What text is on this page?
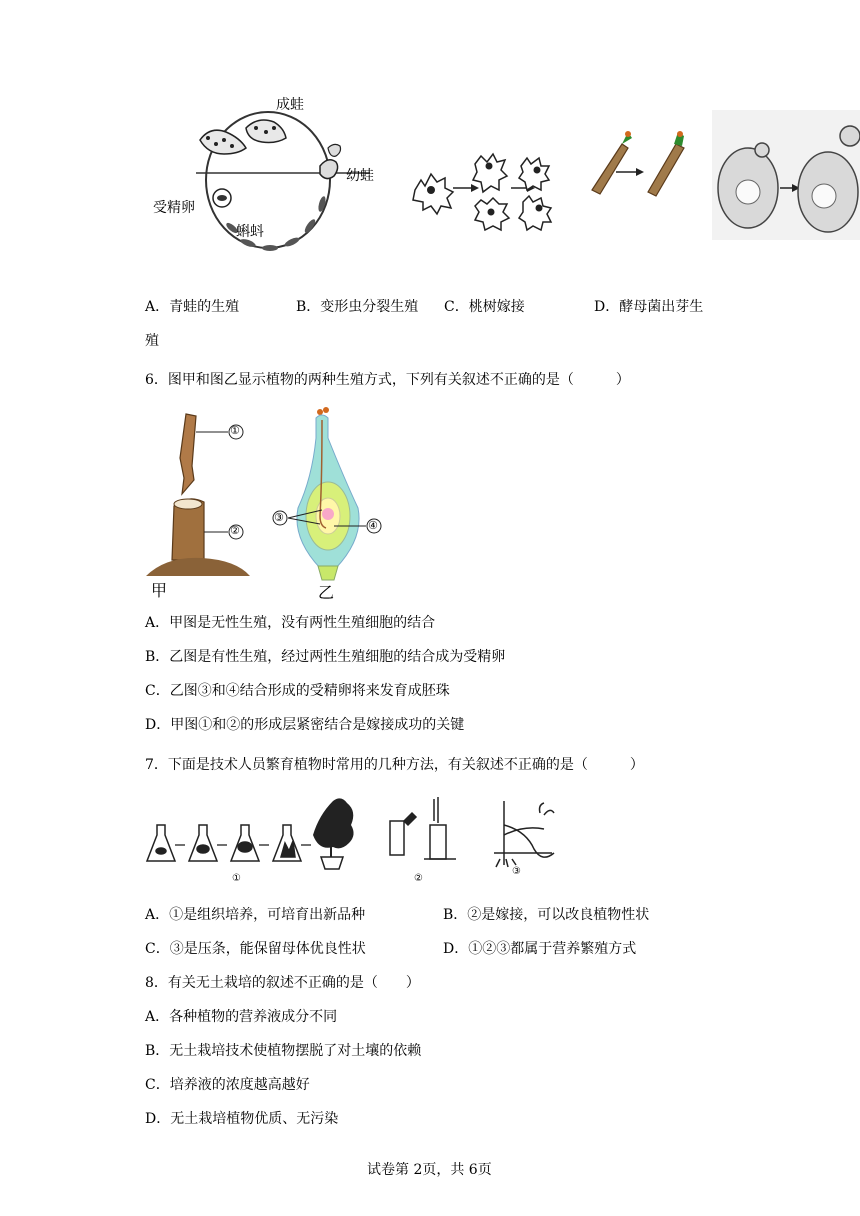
成蛙
幼蛙
受精卵
蝌蚪
A．青蛙的生殖	B．变形虫分裂生殖 C．桃树嫁接	D．酵母菌出芽生
殖
6．图甲和图乙显示植物的两种生殖方式，下列有关叙述不正确的是（　　　）
①
②
甲
③
④
乙
A．甲图是无性生殖，没有两性生殖细胞的结合
B．乙图是有性生殖，经过两性生殖细胞的结合成为受精卵
C．乙图③和④结合形成的受精卵将来发育成胚珠
D．甲图①和②的形成层紧密结合是嫁接成功的关键
7．下面是技术人员繁育植物时常用的几种方法，有关叙述不正确的是（　　　）
①	②
③
A．①是组织培养，可培育出新品种	B．②是嫁接，可以改良植物性状
C．③是压条，能保留母体优良性状	D．①②③都属于营养繁殖方式
8．有关无土栽培的叙述不正确的是（　　）
A．各种植物的营养液成分不同
B．无土栽培技术使植物摆脱了对土壤的依赖
C．培养液的浓度越高越好
D．无土栽培植物优质、无污染
试卷第 2页，共 6页
